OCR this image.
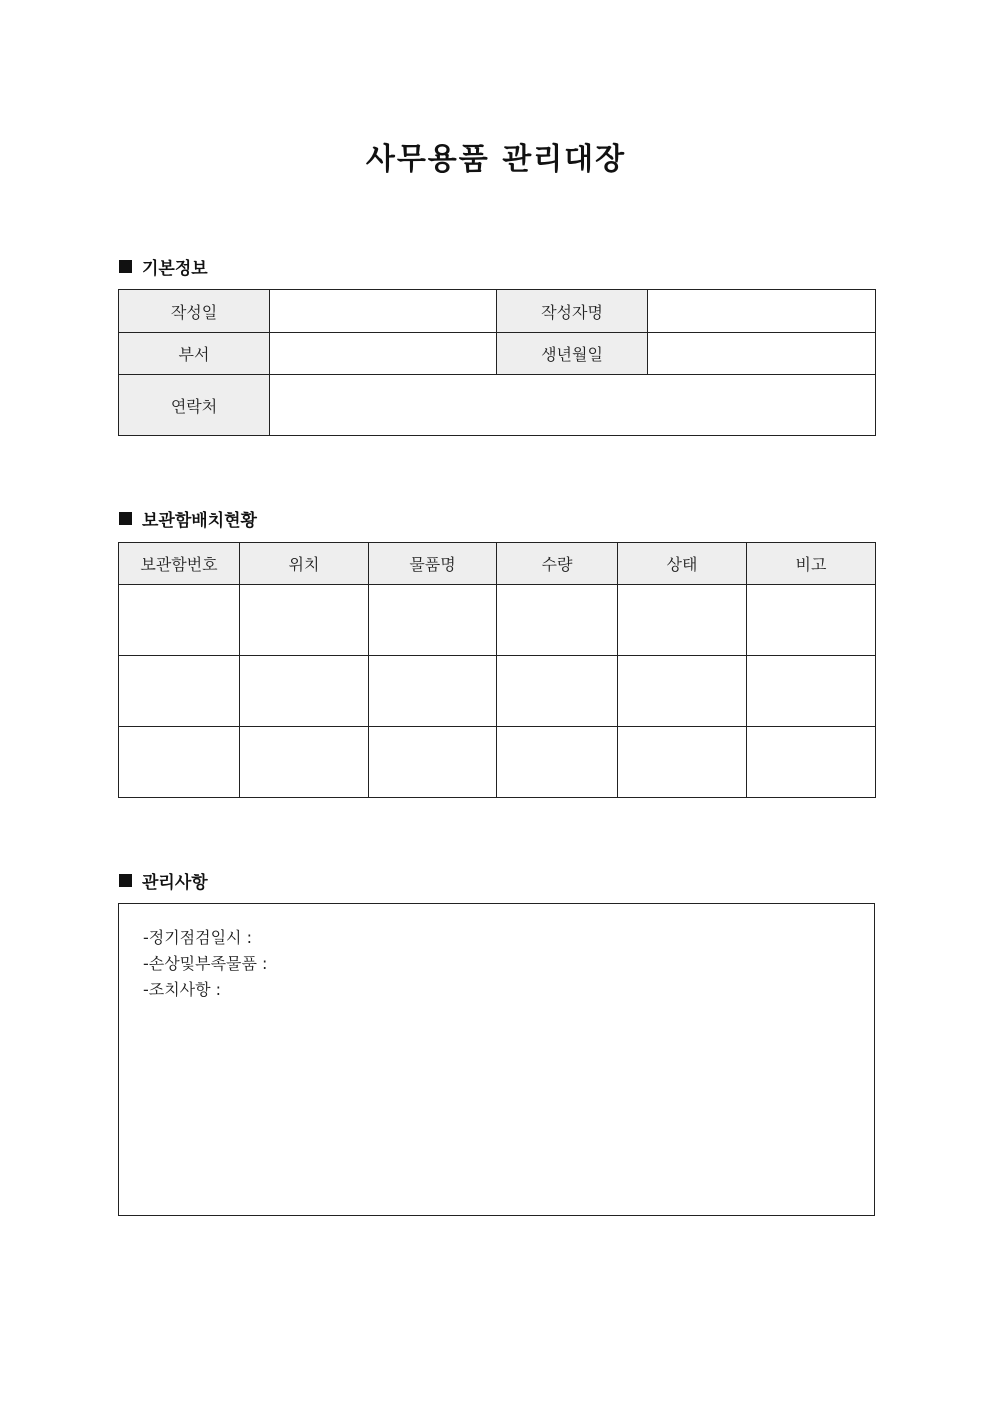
사무용품 관리대장
기본정보
작성일		작성자명	
부서		생년월일	
연락처			
보관함배치현황
보관함번호	위치	물품명	수량	상태	비고

관리사항
-정기점검일시 :
-손상및부족물품 :
-조치사항 :
